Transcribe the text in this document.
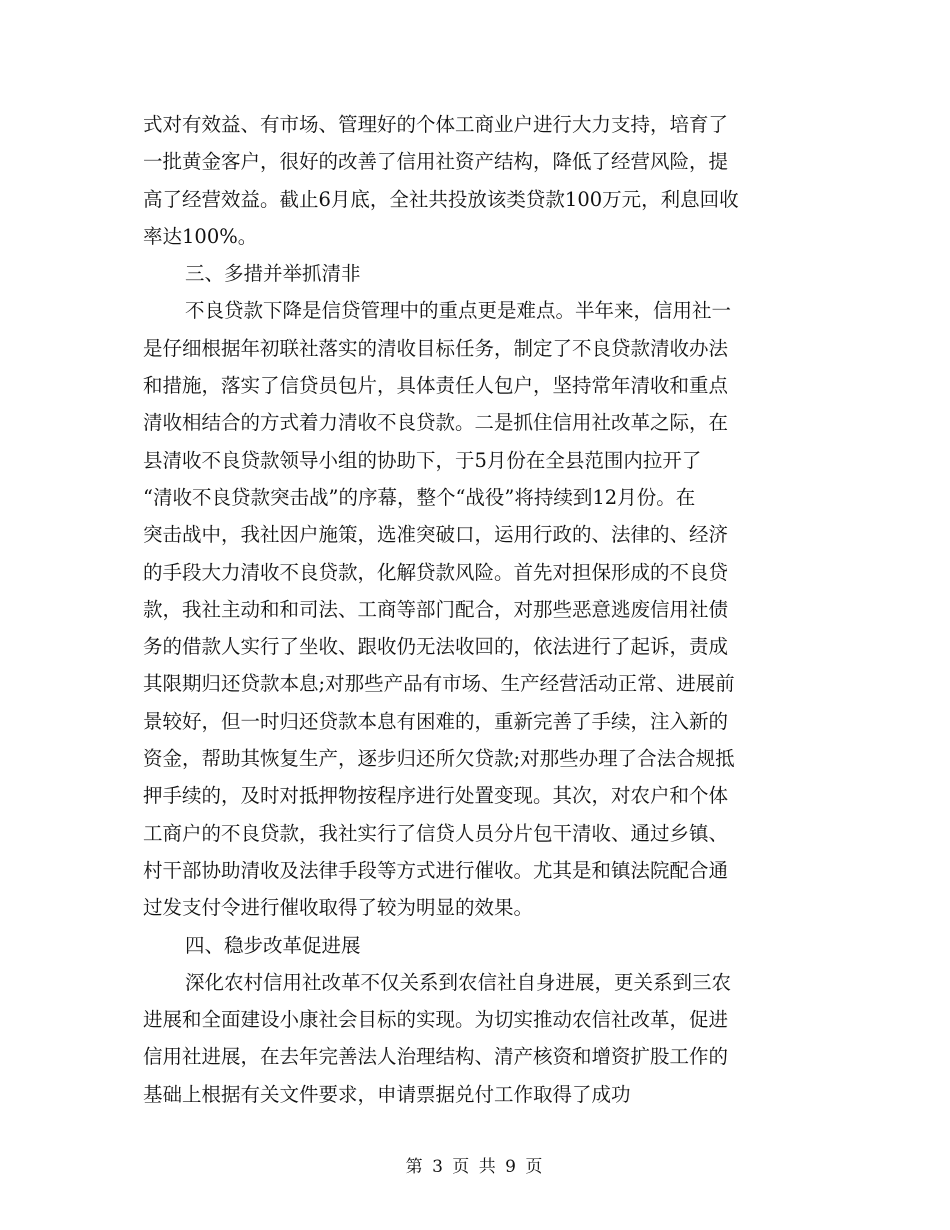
式对有效益、有市场、管理好的个体工商业户进行大力支持，培育了
一批黄金客户，很好的改善了信用社资产结构，降低了经营风险，提
高了经营效益。截止6月底，全社共投放该类贷款100万元，利息回收
率达100%。
三、多措并举抓清非
不良贷款下降是信贷管理中的重点更是难点。半年来，信用社一
是仔细根据年初联社落实的清收目标任务，制定了不良贷款清收办法
和措施，落实了信贷员包片，具体责任人包户，坚持常年清收和重点
清收相结合的方式着力清收不良贷款。二是抓住信用社改革之际，在
县清收不良贷款领导小组的协助下，于5月份在全县范围内拉开了
“清收不良贷款突击战”的序幕，整个“战役”将持续到12月份。在
突击战中，我社因户施策，选准突破口，运用行政的、法律的、经济
的手段大力清收不良贷款，化解贷款风险。首先对担保形成的不良贷
款，我社主动和和司法、工商等部门配合，对那些恶意逃废信用社债
务的借款人实行了坐收、跟收仍无法收回的，依法进行了起诉，责成
其限期归还贷款本息;对那些产品有市场、生产经营活动正常、进展前
景较好，但一时归还贷款本息有困难的，重新完善了手续，注入新的
资金，帮助其恢复生产，逐步归还所欠贷款;对那些办理了合法合规抵
押手续的，及时对抵押物按程序进行处置变现。其次，对农户和个体
工商户的不良贷款，我社实行了信贷人员分片包干清收、通过乡镇、
村干部协助清收及法律手段等方式进行催收。尤其是和镇法院配合通
过发支付令进行催收取得了较为明显的效果。
四、稳步改革促进展
深化农村信用社改革不仅关系到农信社自身进展，更关系到三农
进展和全面建设小康社会目标的实现。为切实推动农信社改革，促进
信用社进展，在去年完善法人治理结构、清产核资和增资扩股工作的
基础上根据有关文件要求，申请票据兑付工作取得了成功
第 3 页 共 9 页
